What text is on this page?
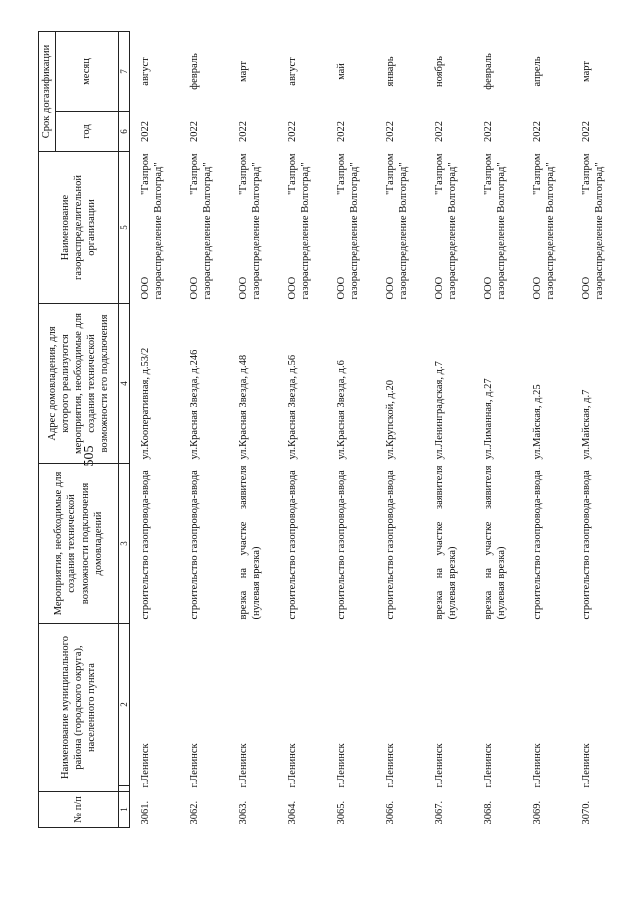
505
№ п/п	Наименование муниципального района (городского округа), населенного пункта		Мероприятия, необходимые для создания технической возможности подключения домовладений	Адрес домовладения, для которого реализуются мероприятия, необходимые для создания технической возможности его подключения	Наименование газораспределительной организации	Срок догазификации	
						год	месяц
1		2	3	4	5	6	7
3061.	г.Ленинск		строительство газопровода-ввода	ул.Кооперативная, д.53/2	ООО "Газпром газораспределение Волгоград"	2022	август
3062.	г.Ленинск		строительство газопровода-ввода	ул.Красная Звезда, д.246	ООО "Газпром газораспределение Волгоград"	2022	февраль
3063.	г.Ленинск		врезка на участке заявителя (нулевая врезка)	ул.Красная Звезда, д.48	ООО "Газпром газораспределение Волгоград"	2022	март
3064.	г.Ленинск		строительство газопровода-ввода	ул.Красная Звезда, д.56	ООО "Газпром газораспределение Волгоград"	2022	август
3065.	г.Ленинск		строительство газопровода-ввода	ул.Красная Звезда, д.6	ООО "Газпром газораспределение Волгоград"	2022	май
3066.	г.Ленинск		строительство газопровода-ввода	ул.Крупской, д.20	ООО "Газпром газораспределение Волгоград"	2022	январь
3067.	г.Ленинск		врезка на участке заявителя (нулевая врезка)	ул.Ленинградская, д.7	ООО "Газпром газораспределение Волгоград"	2022	ноябрь
3068.	г.Ленинск		врезка на участке заявителя (нулевая врезка)	ул.Лиманная, д.27	ООО "Газпром газораспределение Волгоград"	2022	февраль
3069.	г.Ленинск		строительство газопровода-ввода	ул.Майская, д.25	ООО "Газпром газораспределение Волгоград"	2022	апрель
3070.	г.Ленинск		строительство газопровода-ввода	ул.Майская, д.7	ООО "Газпром газораспределение Волгоград"	2022	март
